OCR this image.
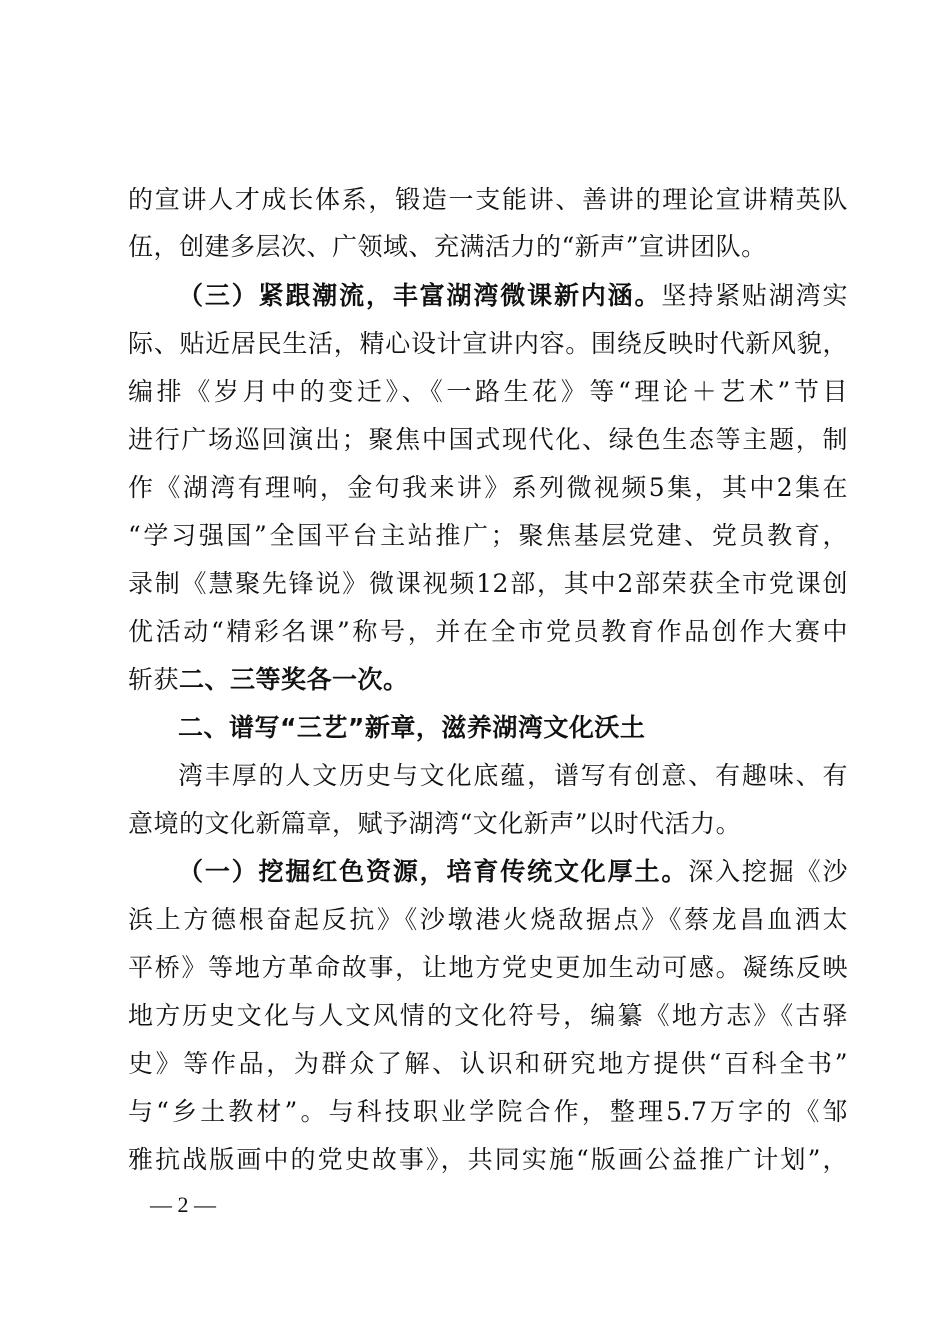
的宣讲人才成长体系，锻造一支能讲、善讲的理论宣讲精英队
伍，创建多层次、广领域、充满活力的“新声”宣讲团队。
（三）紧跟潮流，丰富湖湾微课新内涵。坚持紧贴湖湾实
际、贴近居民生活，精心设计宣讲内容。围绕反映时代新风貌，
编排《岁月中的变迁》、《一路生花》等“理论＋艺术”节目
进行广场巡回演出；聚焦中国式现代化、绿色生态等主题，制
作《湖湾有理响，金句我来讲》系列微视频5集，其中2集在
“学习强国”全国平台主站推广；聚焦基层党建、党员教育，
录制《慧聚先锋说》微课视频12部，其中2部荣获全市党课创
优活动“精彩名课”称号，并在全市党员教育作品创作大赛中
斩获二、三等奖各一次。
二、谱写“三艺”新章，滋养湖湾文化沃土
湾丰厚的人文历史与文化底蕴，谱写有创意、有趣味、有
意境的文化新篇章，赋予湖湾“文化新声”以时代活力。
（一）挖掘红色资源，培育传统文化厚土。深入挖掘《沙
浜上方德根奋起反抗》《沙墩港火烧敌据点》《蔡龙昌血洒太
平桥》等地方革命故事，让地方党史更加生动可感。凝练反映
地方历史文化与人文风情的文化符号，编纂《地方志》《古驿
史》等作品，为群众了解、认识和研究地方提供“百科全书”
与“乡土教材”。与科技职业学院合作，整理5.7万字的《邹
雅抗战版画中的党史故事》，共同实施“版画公益推广计划”，
— 2 —
